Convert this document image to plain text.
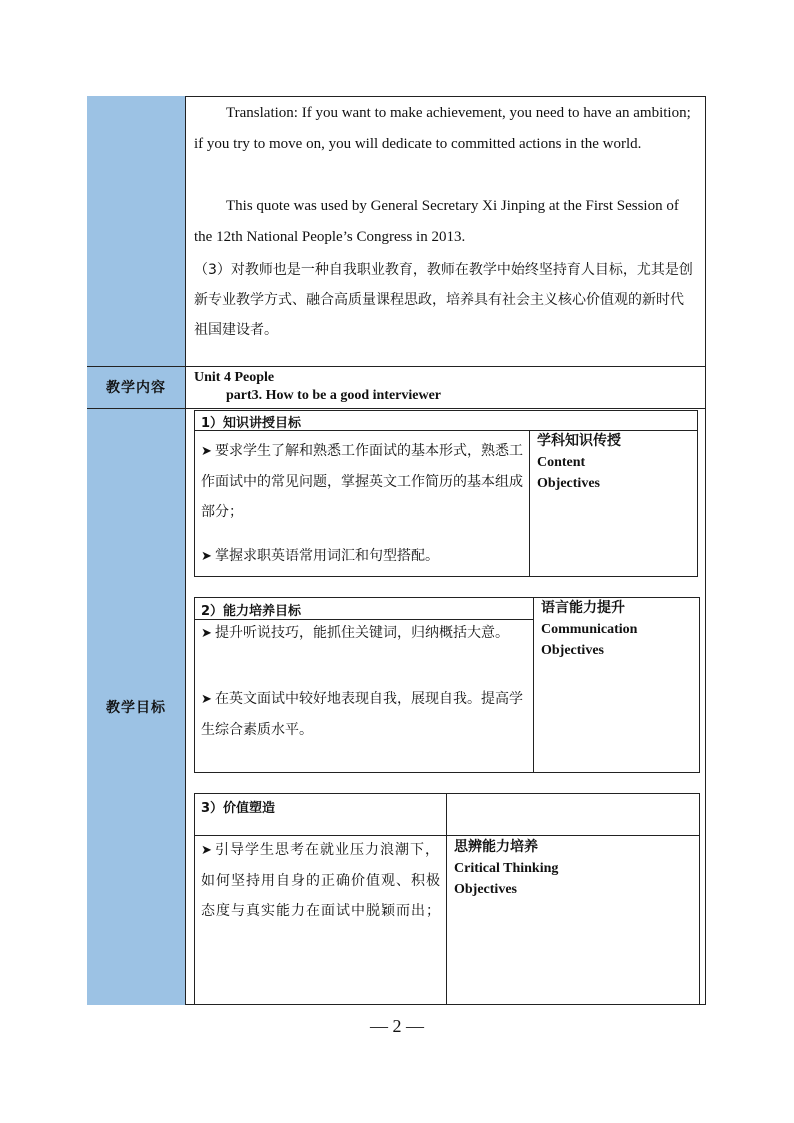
教学内容
教学目标

Translation: If you want to make achievement, you need to have an ambition; if you try to move on, you will dedicate to committed actions in the world.

This quote was used by General Secretary Xi Jinping at the First Session of the 12th National People’s Congress in 2013.

（3）对教师也是一种自我职业教育，教师在教学中始终坚持育人目标，尤其是创新专业教学方式、融合高质量课程思政，培养具有社会主义核心价值观的新时代祖国建设者。

Unit 4 People
part3. How to be a good interviewer
1）知识讲授目标

➤ 要求学生了解和熟悉工作面试的基本形式，熟悉工作面试中的常见问题，掌握英文工作简历的基本组成部分；

➤ 掌握求职英语常用词汇和句型搭配。

学科知识传授
Content
Objectives
2）能力培养目标

➤ 提升听说技巧，能抓住关键词，归纳概括大意。

➤ 在英文面试中较好地表现自我，展现自我。提高学生综合素质水平。

语言能力提升
Communication
Objectives
3）价值塑造

➤ 引导学生思考在就业压力浪潮下，如何坚持用自身的正确价值观、积极态度与真实能力在面试中脱颖而出；

思辨能力培养
Critical Thinking
Objectives
— 2 —
